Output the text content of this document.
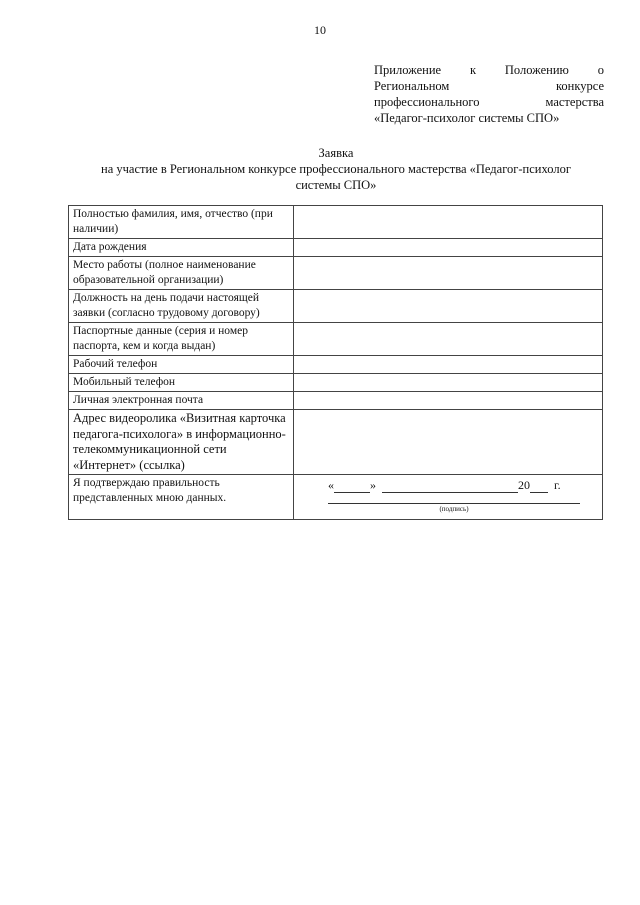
10
Приложение к Положению о
Региональном	конкурсе
профессионального	мастерства
«Педагог-психолог системы СПО»
Заявка
на участие в Региональном конкурсе профессионального мастерства «Педагог-психолог
системы СПО»
Полностью фамилия, имя, отчество (при наличии)	
Дата рождения	
Место работы (полное наименование образовательной организации)	
Должность на день подачи настоящей заявки (согласно трудовому договору)	
Паспортные данные (серия и номер паспорта, кем и когда выдан)	
Рабочий телефон	
Мобильный телефон	
Личная электронная почта	
Адрес видеоролика «Визитная карточка педагога-психолога» в информационно-телекоммуникационной сети «Интернет» (ссылка)	
Я подтверждаю правильность представленных мною данных.	« » 20 г.
(подпись)
